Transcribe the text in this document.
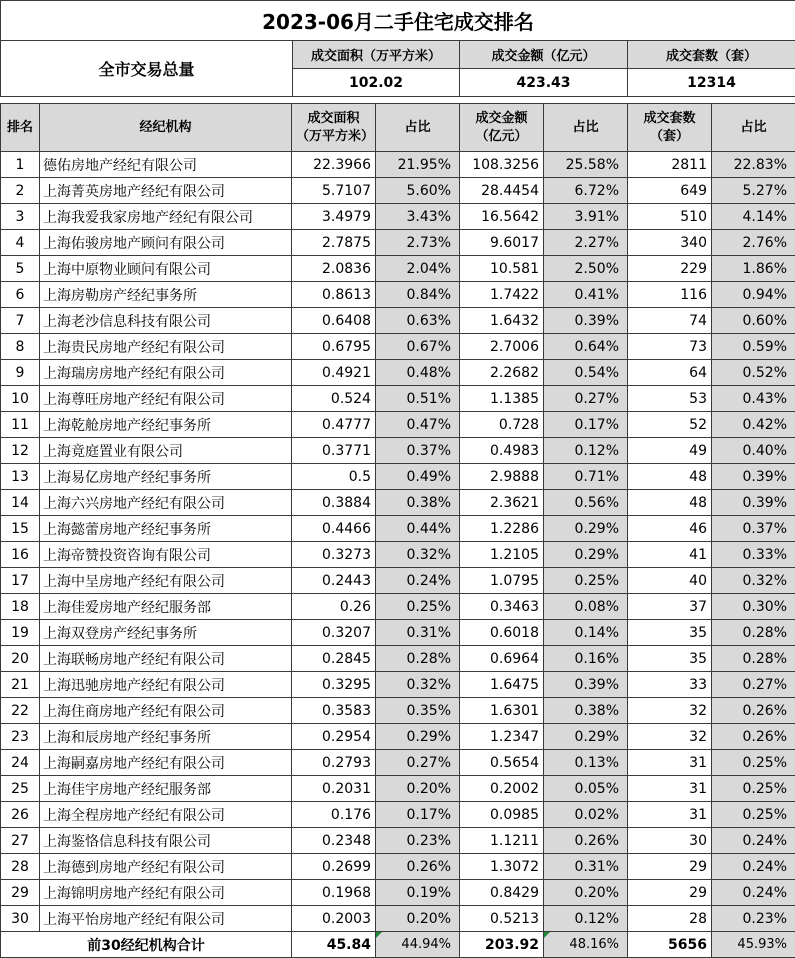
2023-06月二手住宅成交排名			
全市交易总量	成交面积（万平方米）	成交金额（亿元）	成交套数（套）
	102.02	423.43	12314
排名	经纪机构	成交面积（万平方米）	占比	成交金额（亿元）	占比	成交套数（套）	占比
1	德佑房地产经纪有限公司	22.3966	21.95%	108.3256	25.58%	2811	22.83%
2	上海菁英房地产经纪有限公司	5.7107	5.60%	28.4454	6.72%	649	5.27%
3	上海我爱我家房地产经纪有限公司	3.4979	3.43%	16.5642	3.91%	510	4.14%
4	上海佑骏房地产顾问有限公司	2.7875	2.73%	9.6017	2.27%	340	2.76%
5	上海中原物业顾问有限公司	2.0836	2.04%	10.581	2.50%	229	1.86%
6	上海房勒房产经纪事务所	0.8613	0.84%	1.7422	0.41%	116	0.94%
7	上海老沙信息科技有限公司	0.6408	0.63%	1.6432	0.39%	74	0.60%
8	上海贵民房地产经纪有限公司	0.6795	0.67%	2.7006	0.64%	73	0.59%
9	上海瑞房房地产经纪有限公司	0.4921	0.48%	2.2682	0.54%	64	0.52%
10	上海尊旺房地产经纪有限公司	0.524	0.51%	1.1385	0.27%	53	0.43%
11	上海乾舱房地产经纪事务所	0.4777	0.47%	0.728	0.17%	52	0.42%
12	上海竟庭置业有限公司	0.3771	0.37%	0.4983	0.12%	49	0.40%
13	上海易亿房地产经纪事务所	0.5	0.49%	2.9888	0.71%	48	0.39%
14	上海六兴房地产经纪有限公司	0.3884	0.38%	2.3621	0.56%	48	0.39%
15	上海懿蕾房地产经纪事务所	0.4466	0.44%	1.2286	0.29%	46	0.37%
16	上海帝赞投资咨询有限公司	0.3273	0.32%	1.2105	0.29%	41	0.33%
17	上海中呈房地产经纪有限公司	0.2443	0.24%	1.0795	0.25%	40	0.32%
18	上海佳爱房地产经纪服务部	0.26	0.25%	0.3463	0.08%	37	0.30%
19	上海双登房产经纪事务所	0.3207	0.31%	0.6018	0.14%	35	0.28%
20	上海联畅房地产经纪有限公司	0.2845	0.28%	0.6964	0.16%	35	0.28%
21	上海迅驰房地产经纪有限公司	0.3295	0.32%	1.6475	0.39%	33	0.27%
22	上海住商房地产经纪有限公司	0.3583	0.35%	1.6301	0.38%	32	0.26%
23	上海和辰房地产经纪事务所	0.2954	0.29%	1.2347	0.29%	32	0.26%
24	上海嗣嘉房地产经纪有限公司	0.2793	0.27%	0.5654	0.13%	31	0.25%
25	上海佳宇房地产经纪服务部	0.2031	0.20%	0.2002	0.05%	31	0.25%
26	上海全程房地产经纪有限公司	0.176	0.17%	0.0985	0.02%	31	0.25%
27	上海鉴恪信息科技有限公司	0.2348	0.23%	1.1211	0.26%	30	0.24%
28	上海德到房地产经纪有限公司	0.2699	0.26%	1.3072	0.31%	29	0.24%
29	上海锦明房地产经纪有限公司	0.1968	0.19%	0.8429	0.20%	29	0.24%
30	上海平怡房地产经纪有限公司	0.2003	0.20%	0.5213	0.12%	28	0.23%
前30经纪机构合计		45.84	44.94%	203.92	48.16%	5656	45.93%
